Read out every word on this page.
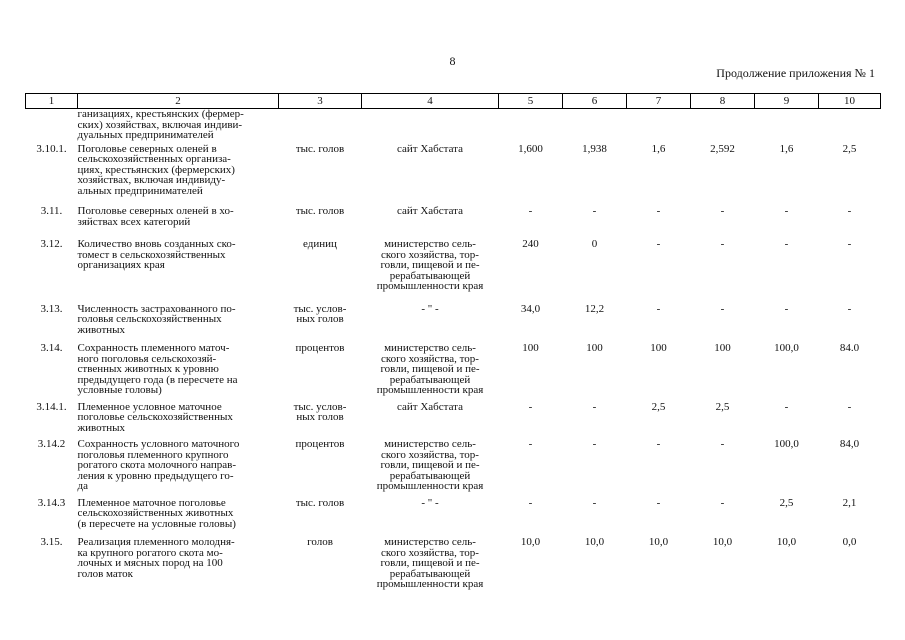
8
Продолжение приложения № 1
1	2	3	4	5	6	7	8	9	10

	ганизациях, крестьянских (фермер-
ских) хозяйствах, включая индиви-
дуальных предпринимателей								

3.10.1.	Поголовье северных оленей в
сельскохозяйственных организа-
циях, крестьянских (фермерских)
хозяйствах, включая индивиду-
альных предпринимателей	тыс. голов	сайт Хабстата	1,600	1,938	1,6	2,592	1,6	2,5

3.11.	Поголовье северных оленей в хо-
зяйствах всех категорий	тыс. голов	сайт Хабстата	-	-	-	-	-	-

3.12.	Количество вновь созданных ско-
томест в сельскохозяйственных
организациях края	единиц	министерство сель-
ского хозяйства, тор-
говли, пищевой и пе-
рерабатывающей
промышленности края	240	0	-	-	-	-

3.13.	Численность застрахованного по-
головья сельскохозяйственных
животных	тыс. услов-
ных голов	- " -	34,0	12,2	-	-	-	-

3.14.	Сохранность племенного маточ-
ного поголовья сельскохозяй-
ственных животных к уровню
предыдущего года (в пересчете на
условные головы)	процентов	министерство сель-
ского хозяйства, тор-
говли, пищевой и пе-
рерабатывающей
промышленности края	100	100	100	100	100,0	84.0

3.14.1.	Племенное условное маточное
поголовье сельскохозяйственных
животных	тыс. услов-
ных голов	сайт Хабстата	-	-	2,5	2,5	-	-

3.14.2	Сохранность условного маточного
поголовья племенного крупного
рогатого скота молочного направ-
ления к уровню предыдущего го-
да	процентов	министерство сель-
ского хозяйства, тор-
говли, пищевой и пе-
рерабатывающей
промышленности края	-	-	-	-	100,0	84,0

3.14.3	Племенное маточное поголовье
сельскохозяйственных животных
(в пересчете на условные головы)	тыс. голов	- " -	-	-	-	-	2,5	2,1

3.15.	Реализация племенного молодня-
ка крупного рогатого скота мо-
лочных и мясных пород на 100
голов маток	голов	министерство сель-
ского хозяйства, тор-
говли, пищевой и пе-
рерабатывающей
промышленности края	10,0	10,0	10,0	10,0	10,0	0,0
